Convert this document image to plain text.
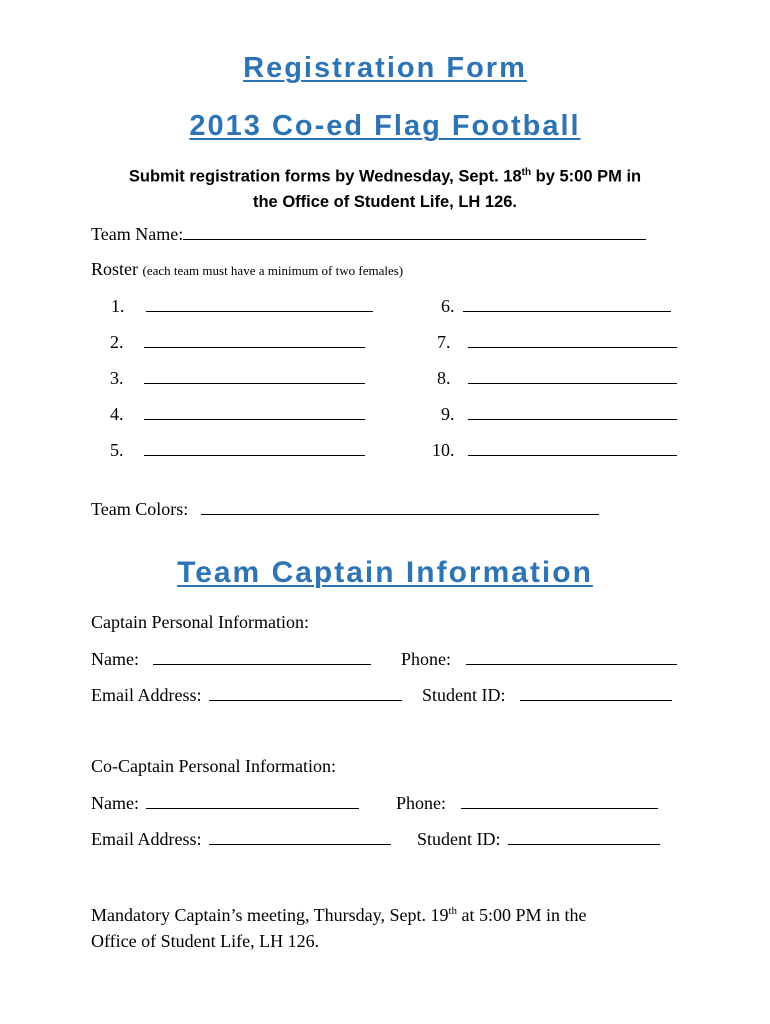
Registration Form
2013 Co-ed Flag Football
Submit registration forms by Wednesday, Sept. 18th by 5:00 PM in
the Office of Student Life, LH 126.
Team Name:
Roster (each team must have a minimum of two females)
1.
2.
3.
4.
5.
6.
7.
8.
9.
10.
Team Colors:
Team Captain Information
Captain Personal Information:
Name:	Phone:
Email Address:	Student ID:
Co-Captain Personal Information:
Name:	Phone:
Email Address:	Student ID:
Mandatory Captain’s meeting, Thursday, Sept. 19th at 5:00 PM in the
Office of Student Life, LH 126.
